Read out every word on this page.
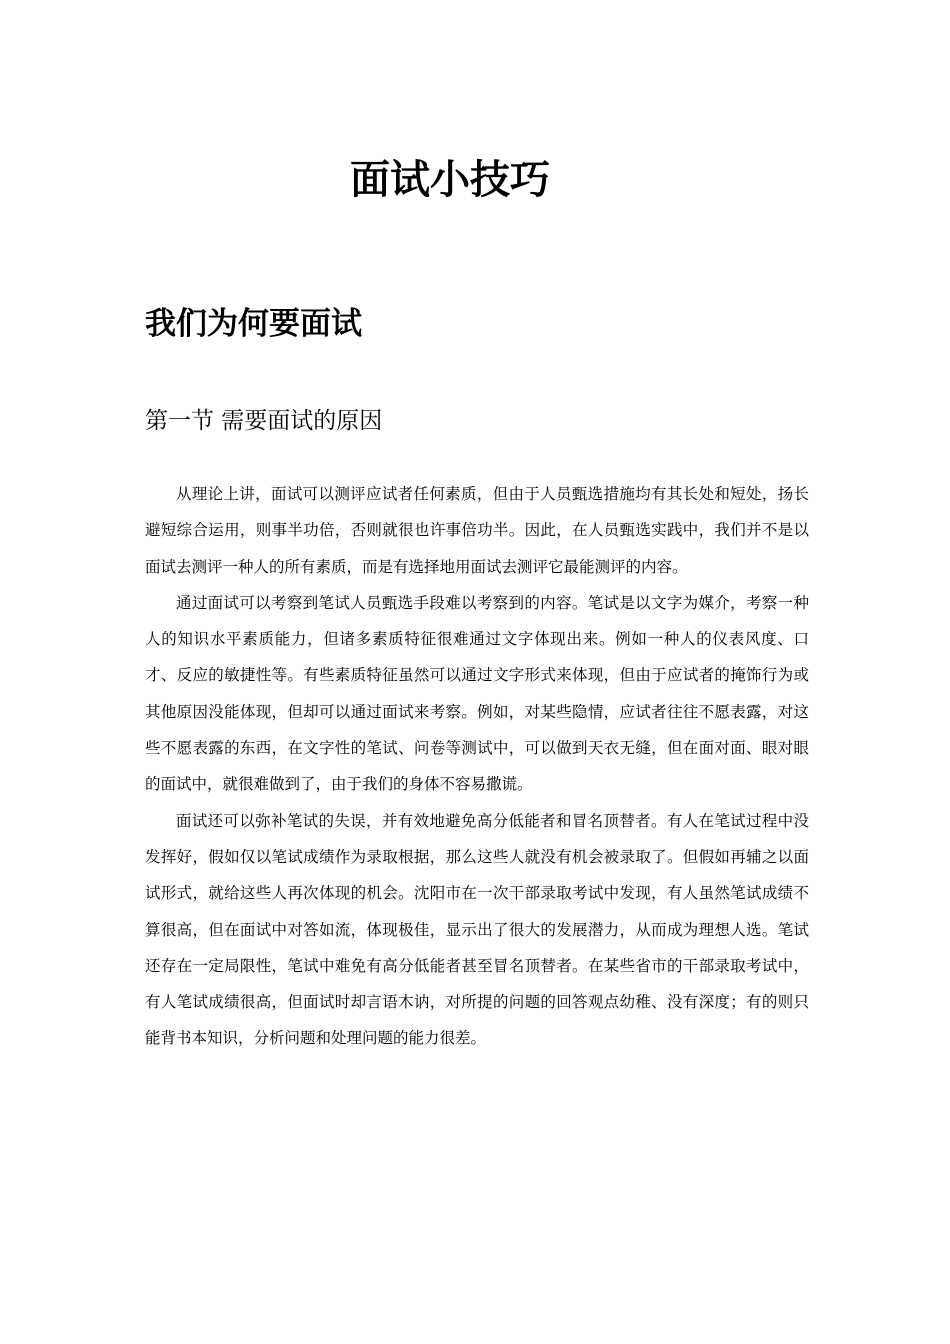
面试小技巧
我们为何要面试
第一节 需要面试的原因

从理论上讲，面试可以测评应试者任何素质，但由于人员甄选措施均有其长处和短处，扬长避短综合运用，则事半功倍，否则就很也许事倍功半。因此，在人员甄选实践中，我们并不是以面试去测评一种人的所有素质，而是有选择地用面试去测评它最能测评的内容。

通过面试可以考察到笔试人员甄选手段难以考察到的内容。笔试是以文字为媒介，考察一种人的知识水平素质能力，但诸多素质特征很难通过文字体现出来。例如一种人的仪表风度、口才、反应的敏捷性等。有些素质特征虽然可以通过文字形式来体现，但由于应试者的掩饰行为或其他原因没能体现，但却可以通过面试来考察。例如，对某些隐情，应试者往往不愿表露，对这些不愿表露的东西，在文字性的笔试、问卷等测试中，可以做到天衣无缝，但在面对面、眼对眼的面试中，就很难做到了，由于我们的身体不容易撒谎。

面试还可以弥补笔试的失误，并有效地避免高分低能者和冒名顶替者。有人在笔试过程中没发挥好，假如仅以笔试成绩作为录取根据，那么这些人就没有机会被录取了。但假如再辅之以面试形式，就给这些人再次体现的机会。沈阳市在一次干部录取考试中发现，有人虽然笔试成绩不算很高，但在面试中对答如流，体现极佳，显示出了很大的发展潜力，从而成为理想人选。笔试还存在一定局限性，笔试中难免有高分低能者甚至冒名顶替者。在某些省市的干部录取考试中，有人笔试成绩很高，但面试时却言语木讷，对所提的问题的回答观点幼稚、没有深度；有的则只能背书本知识，分析问题和处理问题的能力很差。
